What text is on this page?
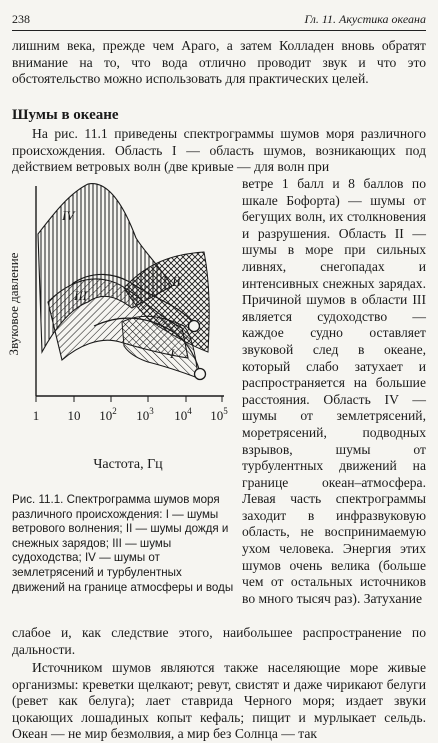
238	Гл. 11. Акустика океана

лишним века, прежде чем Араго, а затем Колладен вновь обратят внимание на то, что вода отлично проводит звук и что это обстоятельство можно использовать для практических целей.

Шумы в океане

На рис. 11.1 приведены спектрограммы шумов моря различного происхождения. Область I — область шумов, возникающих под действием ветровых волн (две кривые — для волн при

IV
III
II
I
Звуковое давление
1 10 $10^2$ $10^3$ $10^4$ $10^5$
Частота, Гц

Рис. 11.1. Спектрограмма шумов моря различного происхождения: I — шумы ветрового волнения; II — шумы дождя и снежных зарядов; III — шумы судоходства; IV — шумы от землетрясений и турбулентных движений на границе атмосферы и воды

ветре 1 балл и 8 баллов по шкале Бофорта) — шумы от бегущих волн, их столкновения и разрушения. Область II — шумы в море при сильных ливнях, снегопадах и интенсивных снежных зарядах. Причиной шумов в области III является судоходство — каждое судно оставляет звуковой след в океане, который слабо затухает и распространяется на большие расстояния. Область IV — шумы от землетрясений, моретрясений, подводных взрывов, шумы от турбулентных движений на границе океан–атмосфера. Левая часть спектрограммы заходит в инфразвуковую область, не воспринимаемую ухом человека. Энергия этих шумов очень велика (больше чем от остальных источников во много тысяч раз). Затухание

слабое и, как следствие этого, наибольшее распространение по дальности.

Источником шумов являются также населяющие море живые организмы: креветки щелкают; ревут, свистят и даже чирикают белуги (ревет как белуга); лает ставрида Черного моря; издает звуки цокающих лошадиных копыт кефаль; пищит и мурлыкает сельдь. Океан — не мир безмолвия, а мир без Солнца — так
